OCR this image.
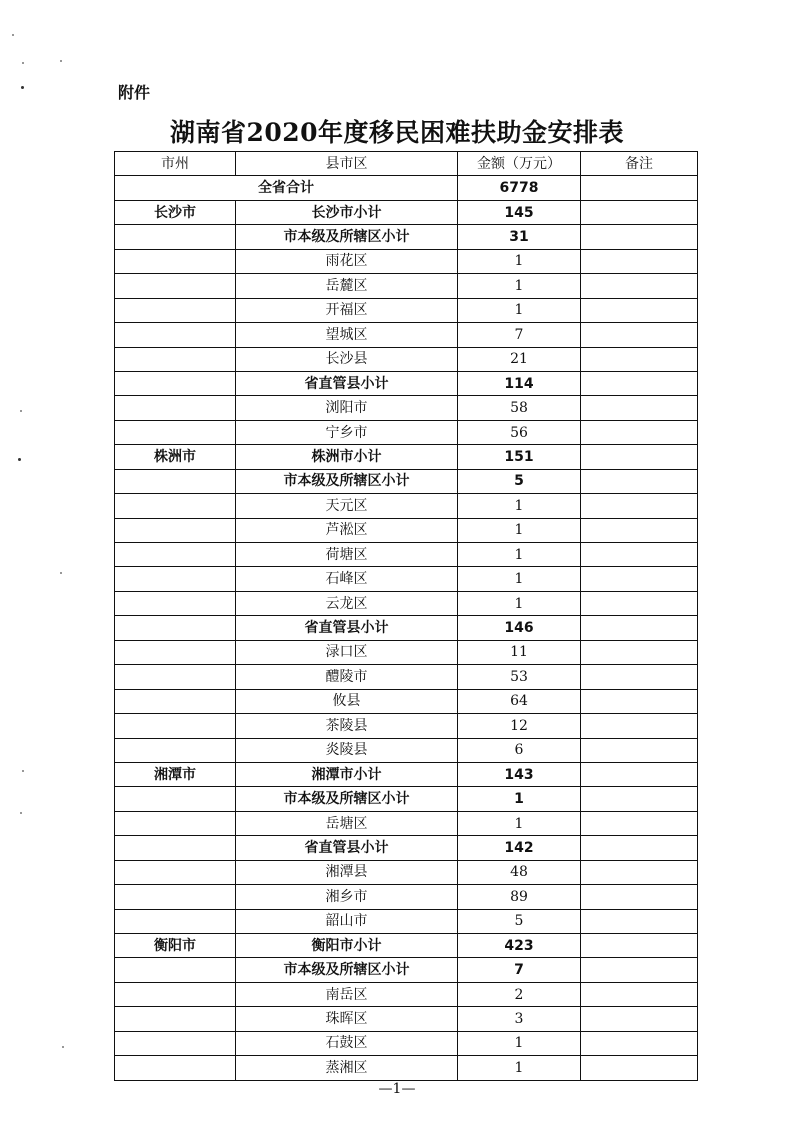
附件
湖南省2020年度移民困难扶助金安排表
市州	县市区	金额（万元）	备注
全省合计		6778	
长沙市	长沙市小计	145	
	市本级及所辖区小计	31	
	雨花区	1	
	岳麓区	1	
	开福区	1	
	望城区	7	
	长沙县	21	
	省直管县小计	114	
	浏阳市	58	
	宁乡市	56	
株洲市	株洲市小计	151	
	市本级及所辖区小计	5	
	天元区	1	
	芦淞区	1	
	荷塘区	1	
	石峰区	1	
	云龙区	1	
	省直管县小计	146	
	渌口区	11	
	醴陵市	53	
	攸县	64	
	茶陵县	12	
	炎陵县	6	
湘潭市	湘潭市小计	143	
	市本级及所辖区小计	1	
	岳塘区	1	
	省直管县小计	142	
	湘潭县	48	
	湘乡市	89	
	韶山市	5	
衡阳市	衡阳市小计	423	
	市本级及所辖区小计	7	
	南岳区	2	
	珠晖区	3	
	石鼓区	1	
	蒸湘区	1	
—1—
